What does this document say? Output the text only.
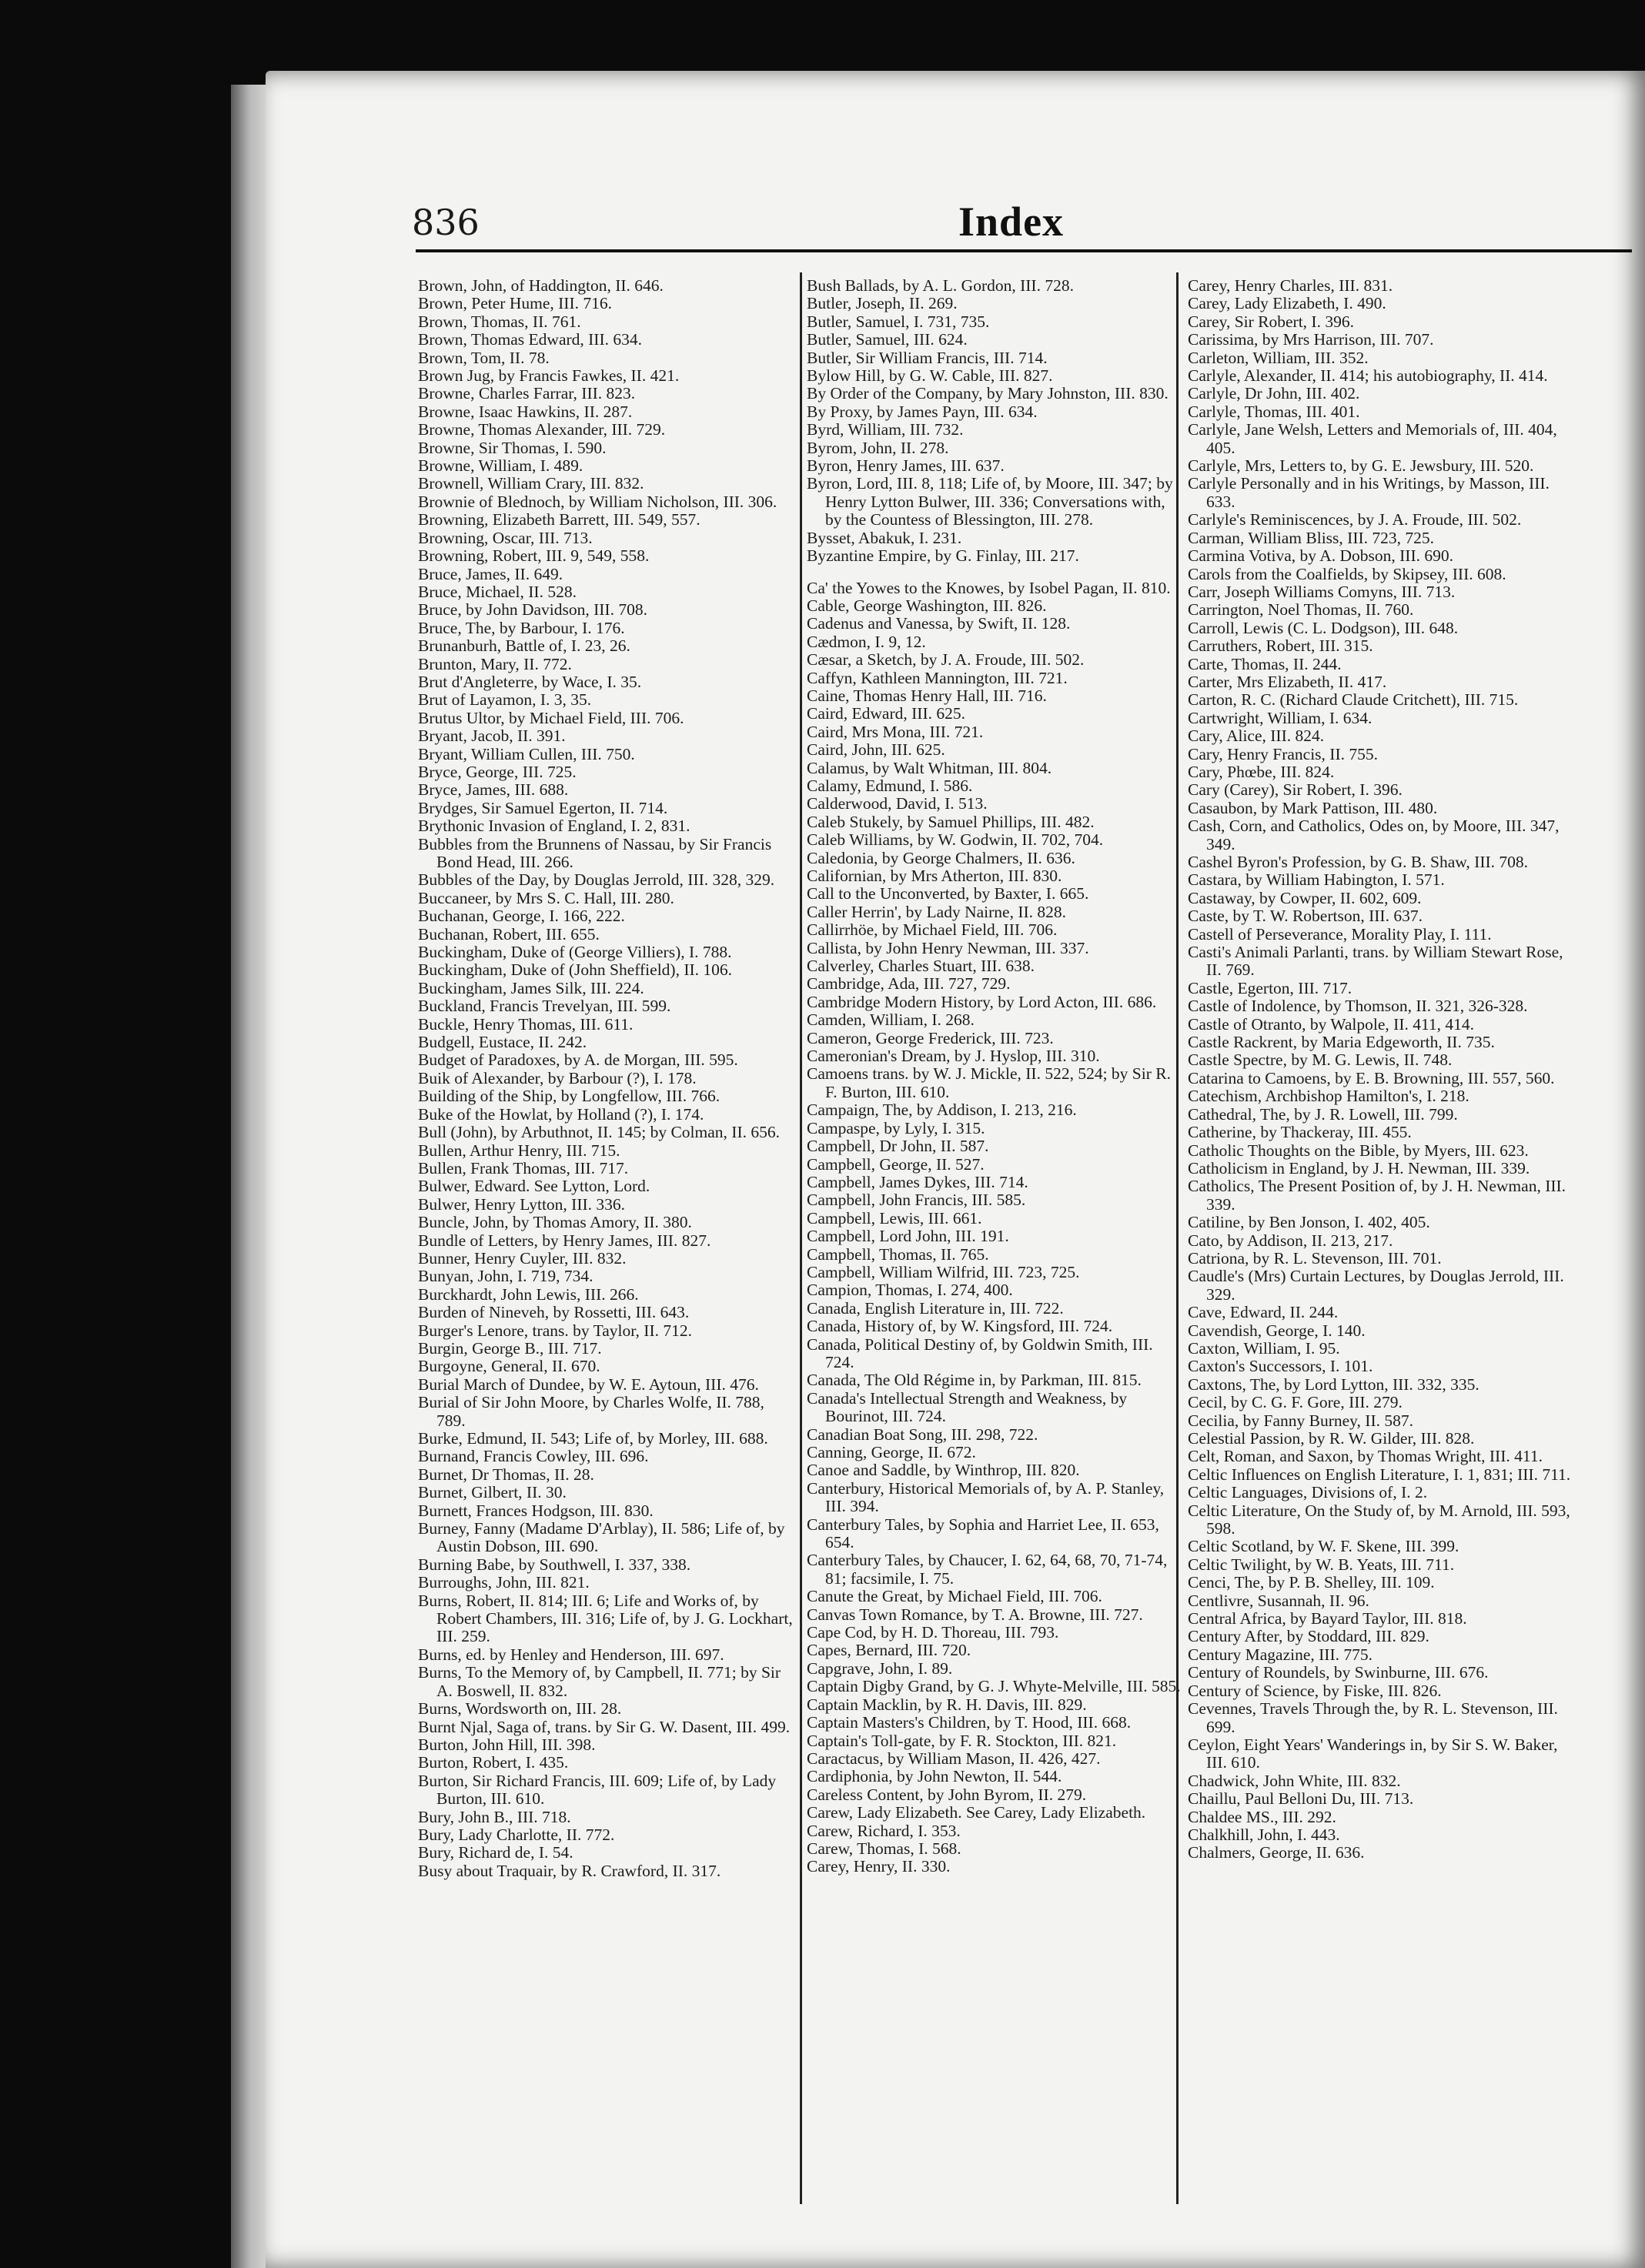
836	Index
Brown, John, of Haddington, II. 646.
Brown, Peter Hume, III. 716.
Brown, Thomas, II. 761.
Brown, Thomas Edward, III. 634.
Brown, Tom, II. 78.
Brown Jug, by Francis Fawkes, II. 421.
Browne, Charles Farrar, III. 823.
Browne, Isaac Hawkins, II. 287.
Browne, Thomas Alexander, III. 729.
Browne, Sir Thomas, I. 590.
Browne, William, I. 489.
Brownell, William Crary, III. 832.
Brownie of Blednoch, by William Nicholson, III. 306.
Browning, Elizabeth Barrett, III. 549, 557.
Browning, Oscar, III. 713.
Browning, Robert, III. 9, 549, 558.
Bruce, James, II. 649.
Bruce, Michael, II. 528.
Bruce, by John Davidson, III. 708.
Bruce, The, by Barbour, I. 176.
Brunanburh, Battle of, I. 23, 26.
Brunton, Mary, II. 772.
Brut d'Angleterre, by Wace, I. 35.
Brut of Layamon, I. 3, 35.
Brutus Ultor, by Michael Field, III. 706.
Bryant, Jacob, II. 391.
Bryant, William Cullen, III. 750.
Bryce, George, III. 725.
Bryce, James, III. 688.
Brydges, Sir Samuel Egerton, II. 714.
Brythonic Invasion of England, I. 2, 831.
Bubbles from the Brunnens of Nassau, by Sir Francis Bond Head, III. 266.
Bubbles of the Day, by Douglas Jerrold, III. 328, 329.
Buccaneer, by Mrs S. C. Hall, III. 280.
Buchanan, George, I. 166, 222.
Buchanan, Robert, III. 655.
Buckingham, Duke of (George Villiers), I. 788.
Buckingham, Duke of (John Sheffield), II. 106.
Buckingham, James Silk, III. 224.
Buckland, Francis Trevelyan, III. 599.
Buckle, Henry Thomas, III. 611.
Budgell, Eustace, II. 242.
Budget of Paradoxes, by A. de Morgan, III. 595.
Buik of Alexander, by Barbour (?), I. 178.
Building of the Ship, by Longfellow, III. 766.
Buke of the Howlat, by Holland (?), I. 174.
Bull (John), by Arbuthnot, II. 145; by Colman, II. 656.
Bullen, Arthur Henry, III. 715.
Bullen, Frank Thomas, III. 717.
Bulwer, Edward. See Lytton, Lord.
Bulwer, Henry Lytton, III. 336.
Buncle, John, by Thomas Amory, II. 380.
Bundle of Letters, by Henry James, III. 827.
Bunner, Henry Cuyler, III. 832.
Bunyan, John, I. 719, 734.
Burckhardt, John Lewis, III. 266.
Burden of Nineveh, by Rossetti, III. 643.
Burger's Lenore, trans. by Taylor, II. 712.
Burgin, George B., III. 717.
Burgoyne, General, II. 670.
Burial March of Dundee, by W. E. Aytoun, III. 476.
Burial of Sir John Moore, by Charles Wolfe, II. 788, 789.
Burke, Edmund, II. 543; Life of, by Morley, III. 688.
Burnand, Francis Cowley, III. 696.
Burnet, Dr Thomas, II. 28.
Burnet, Gilbert, II. 30.
Burnett, Frances Hodgson, III. 830.
Burney, Fanny (Madame D'Arblay), II. 586; Life of, by Austin Dobson, III. 690.
Burning Babe, by Southwell, I. 337, 338.
Burroughs, John, III. 821.
Burns, Robert, II. 814; III. 6; Life and Works of, by Robert Chambers, III. 316; Life of, by J. G. Lockhart, III. 259.
Burns, ed. by Henley and Henderson, III. 697.
Burns, To the Memory of, by Campbell, II. 771; by Sir A. Boswell, II. 832.
Burns, Wordsworth on, III. 28.
Burnt Njal, Saga of, trans. by Sir G. W. Dasent, III. 499.
Burton, John Hill, III. 398.
Burton, Robert, I. 435.
Burton, Sir Richard Francis, III. 609; Life of, by Lady Burton, III. 610.
Bury, John B., III. 718.
Bury, Lady Charlotte, II. 772.
Bury, Richard de, I. 54.
Busy about Traquair, by R. Crawford, II. 317.
Bush Ballads, by A. L. Gordon, III. 728.
Butler, Joseph, II. 269.
Butler, Samuel, I. 731, 735.
Butler, Samuel, III. 624.
Butler, Sir William Francis, III. 714.
Bylow Hill, by G. W. Cable, III. 827.
By Order of the Company, by Mary Johnston, III. 830.
By Proxy, by James Payn, III. 634.
Byrd, William, III. 732.
Byrom, John, II. 278.
Byron, Henry James, III. 637.
Byron, Lord, III. 8, 118; Life of, by Moore, III. 347; by Henry Lytton Bulwer, III. 336; Conversations with, by the Countess of Blessington, III. 278.
Bysset, Abakuk, I. 231.
Byzantine Empire, by G. Finlay, III. 217.
Ca' the Yowes to the Knowes, by Isobel Pagan, II. 810.
Cable, George Washington, III. 826.
Cadenus and Vanessa, by Swift, II. 128.
Cædmon, I. 9, 12.
Cæsar, a Sketch, by J. A. Froude, III. 502.
Caffyn, Kathleen Mannington, III. 721.
Caine, Thomas Henry Hall, III. 716.
Caird, Edward, III. 625.
Caird, Mrs Mona, III. 721.
Caird, John, III. 625.
Calamus, by Walt Whitman, III. 804.
Calamy, Edmund, I. 586.
Calderwood, David, I. 513.
Caleb Stukely, by Samuel Phillips, III. 482.
Caleb Williams, by W. Godwin, II. 702, 704.
Caledonia, by George Chalmers, II. 636.
Californian, by Mrs Atherton, III. 830.
Call to the Unconverted, by Baxter, I. 665.
Caller Herrin', by Lady Nairne, II. 828.
Callirrhöe, by Michael Field, III. 706.
Callista, by John Henry Newman, III. 337.
Calverley, Charles Stuart, III. 638.
Cambridge, Ada, III. 727, 729.
Cambridge Modern History, by Lord Acton, III. 686.
Camden, William, I. 268.
Cameron, George Frederick, III. 723.
Cameronian's Dream, by J. Hyslop, III. 310.
Camoens trans. by W. J. Mickle, II. 522, 524; by Sir R. F. Burton, III. 610.
Campaign, The, by Addison, I. 213, 216.
Campaspe, by Lyly, I. 315.
Campbell, Dr John, II. 587.
Campbell, George, II. 527.
Campbell, James Dykes, III. 714.
Campbell, John Francis, III. 585.
Campbell, Lewis, III. 661.
Campbell, Lord John, III. 191.
Campbell, Thomas, II. 765.
Campbell, William Wilfrid, III. 723, 725.
Campion, Thomas, I. 274, 400.
Canada, English Literature in, III. 722.
Canada, History of, by W. Kingsford, III. 724.
Canada, Political Destiny of, by Goldwin Smith, III. 724.
Canada, The Old Régime in, by Parkman, III. 815.
Canada's Intellectual Strength and Weakness, by Bourinot, III. 724.
Canadian Boat Song, III. 298, 722.
Canning, George, II. 672.
Canoe and Saddle, by Winthrop, III. 820.
Canterbury, Historical Memorials of, by A. P. Stanley, III. 394.
Canterbury Tales, by Sophia and Harriet Lee, II. 653, 654.
Canterbury Tales, by Chaucer, I. 62, 64, 68, 70, 71-74, 81; facsimile, I. 75.
Canute the Great, by Michael Field, III. 706.
Canvas Town Romance, by T. A. Browne, III. 727.
Cape Cod, by H. D. Thoreau, III. 793.
Capes, Bernard, III. 720.
Capgrave, John, I. 89.
Captain Digby Grand, by G. J. Whyte-Melville, III. 585.
Captain Macklin, by R. H. Davis, III. 829.
Captain Masters's Children, by T. Hood, III. 668.
Captain's Toll-gate, by F. R. Stockton, III. 821.
Caractacus, by William Mason, II. 426, 427.
Cardiphonia, by John Newton, II. 544.
Careless Content, by John Byrom, II. 279.
Carew, Lady Elizabeth. See Carey, Lady Elizabeth.
Carew, Richard, I. 353.
Carew, Thomas, I. 568.
Carey, Henry, II. 330.
Carey, Henry Charles, III. 831.
Carey, Lady Elizabeth, I. 490.
Carey, Sir Robert, I. 396.
Carissima, by Mrs Harrison, III. 707.
Carleton, William, III. 352.
Carlyle, Alexander, II. 414; his autobiography, II. 414.
Carlyle, Dr John, III. 402.
Carlyle, Thomas, III. 401.
Carlyle, Jane Welsh, Letters and Memorials of, III. 404, 405.
Carlyle, Mrs, Letters to, by G. E. Jewsbury, III. 520.
Carlyle Personally and in his Writings, by Masson, III. 633.
Carlyle's Reminiscences, by J. A. Froude, III. 502.
Carman, William Bliss, III. 723, 725.
Carmina Votiva, by A. Dobson, III. 690.
Carols from the Coalfields, by Skipsey, III. 608.
Carr, Joseph Williams Comyns, III. 713.
Carrington, Noel Thomas, II. 760.
Carroll, Lewis (C. L. Dodgson), III. 648.
Carruthers, Robert, III. 315.
Carte, Thomas, II. 244.
Carter, Mrs Elizabeth, II. 417.
Carton, R. C. (Richard Claude Critchett), III. 715.
Cartwright, William, I. 634.
Cary, Alice, III. 824.
Cary, Henry Francis, II. 755.
Cary, Phœbe, III. 824.
Cary (Carey), Sir Robert, I. 396.
Casaubon, by Mark Pattison, III. 480.
Cash, Corn, and Catholics, Odes on, by Moore, III. 347, 349.
Cashel Byron's Profession, by G. B. Shaw, III. 708.
Castara, by William Habington, I. 571.
Castaway, by Cowper, II. 602, 609.
Caste, by T. W. Robertson, III. 637.
Castell of Perseverance, Morality Play, I. 111.
Casti's Animali Parlanti, trans. by William Stewart Rose, II. 769.
Castle, Egerton, III. 717.
Castle of Indolence, by Thomson, II. 321, 326-328.
Castle of Otranto, by Walpole, II. 411, 414.
Castle Rackrent, by Maria Edgeworth, II. 735.
Castle Spectre, by M. G. Lewis, II. 748.
Catarina to Camoens, by E. B. Browning, III. 557, 560.
Catechism, Archbishop Hamilton's, I. 218.
Cathedral, The, by J. R. Lowell, III. 799.
Catherine, by Thackeray, III. 455.
Catholic Thoughts on the Bible, by Myers, III. 623.
Catholicism in England, by J. H. Newman, III. 339.
Catholics, The Present Position of, by J. H. Newman, III. 339.
Catiline, by Ben Jonson, I. 402, 405.
Cato, by Addison, II. 213, 217.
Catriona, by R. L. Stevenson, III. 701.
Caudle's (Mrs) Curtain Lectures, by Douglas Jerrold, III. 329.
Cave, Edward, II. 244.
Cavendish, George, I. 140.
Caxton, William, I. 95.
Caxton's Successors, I. 101.
Caxtons, The, by Lord Lytton, III. 332, 335.
Cecil, by C. G. F. Gore, III. 279.
Cecilia, by Fanny Burney, II. 587.
Celestial Passion, by R. W. Gilder, III. 828.
Celt, Roman, and Saxon, by Thomas Wright, III. 411.
Celtic Influences on English Literature, I. 1, 831; III. 711.
Celtic Languages, Divisions of, I. 2.
Celtic Literature, On the Study of, by M. Arnold, III. 593, 598.
Celtic Scotland, by W. F. Skene, III. 399.
Celtic Twilight, by W. B. Yeats, III. 711.
Cenci, The, by P. B. Shelley, III. 109.
Centlivre, Susannah, II. 96.
Central Africa, by Bayard Taylor, III. 818.
Century After, by Stoddard, III. 829.
Century Magazine, III. 775.
Century of Roundels, by Swinburne, III. 676.
Century of Science, by Fiske, III. 826.
Cevennes, Travels Through the, by R. L. Stevenson, III. 699.
Ceylon, Eight Years' Wanderings in, by Sir S. W. Baker, III. 610.
Chadwick, John White, III. 832.
Chaillu, Paul Belloni Du, III. 713.
Chaldee MS., III. 292.
Chalkhill, John, I. 443.
Chalmers, George, II. 636.
